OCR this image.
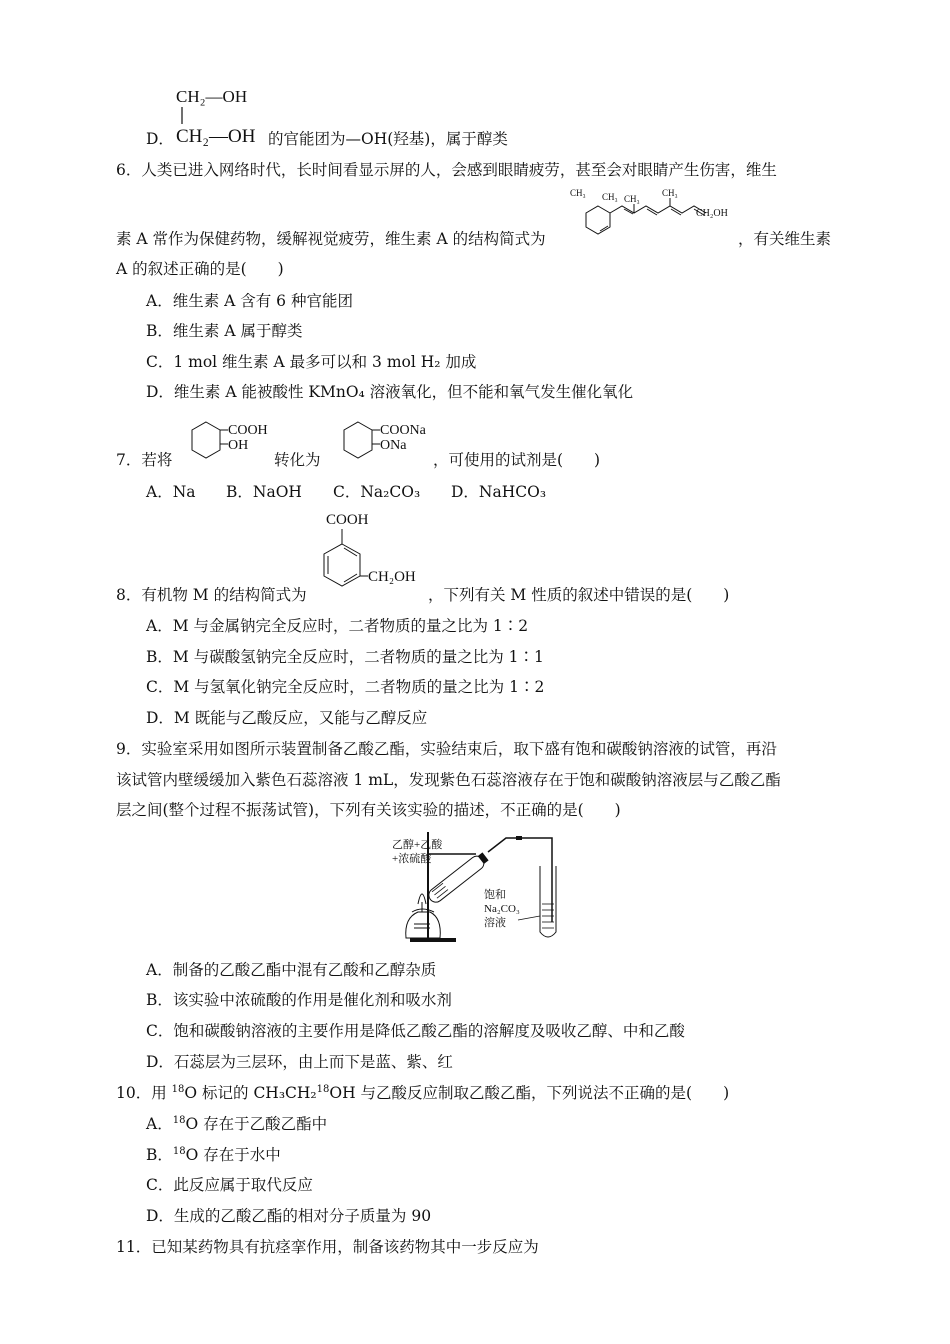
CH₂—OH
CH₂—OH
D．	的官能团为—OH(羟基)，属于醇类
6．人类已进入网络时代，长时间看显示屏的人，会感到眼睛疲劳，甚至会对眼睛产生伤害，维生
CH₃ CH₃ CH₃
CH₃
CH₂OH
素 A 常作为保健药物，缓解视觉疲劳，维生素 A 的结构简式为	，有关维生素
A 的叙述正确的是(　　)
A．维生素 A 含有 6 种官能团
B．维生素 A 属于醇类
C．1 mol 维生素 A 最多可以和 3 mol H₂ 加成
D．维生素 A 能被酸性 KMnO₄ 溶液氧化，但不能和氧气发生催化氧化
COOH
OH
COONa
ONa
7．若将	转化为	，可使用的试剂是(　　)
A．Na B．NaOH C．Na₂CO₃ D．NaHCO₃
COOH
CH₂OH
8．有机物 M 的结构简式为	，下列有关 M 性质的叙述中错误的是(　　)
A．M 与金属钠完全反应时，二者物质的量之比为 1∶2
B．M 与碳酸氢钠完全反应时，二者物质的量之比为 1∶1
C．M 与氢氧化钠完全反应时，二者物质的量之比为 1∶2
D．M 既能与乙酸反应，又能与乙醇反应
9．实验室采用如图所示装置制备乙酸乙酯，实验结束后，取下盛有饱和碳酸钠溶液的试管，再沿
该试管内壁缓缓加入紫色石蕊溶液 1 mL，发现紫色石蕊溶液存在于饱和碳酸钠溶液层与乙酸乙酯
层之间(整个过程不振荡试管)，下列有关该实验的描述，不正确的是(　　)
乙醇+乙酸
+浓硫酸
饱和
Na₂CO₃
溶液
A．制备的乙酸乙酯中混有乙酸和乙醇杂质
B．该实验中浓硫酸的作用是催化剂和吸水剂
C．饱和碳酸钠溶液的主要作用是降低乙酸乙酯的溶解度及吸收乙醇、中和乙酸
D．石蕊层为三层环，由上而下是蓝、紫、红
10．用 $^{18}$O 标记的 CH₃CH₂$^{18}$OH 与乙酸反应制取乙酸乙酯，下列说法不正确的是(　　)
A．$^{18}$O 存在于乙酸乙酯中
B．$^{18}$O 存在于水中
C．此反应属于取代反应
D．生成的乙酸乙酯的相对分子质量为 90
11．已知某药物具有抗痉挛作用，制备该药物其中一步反应为
